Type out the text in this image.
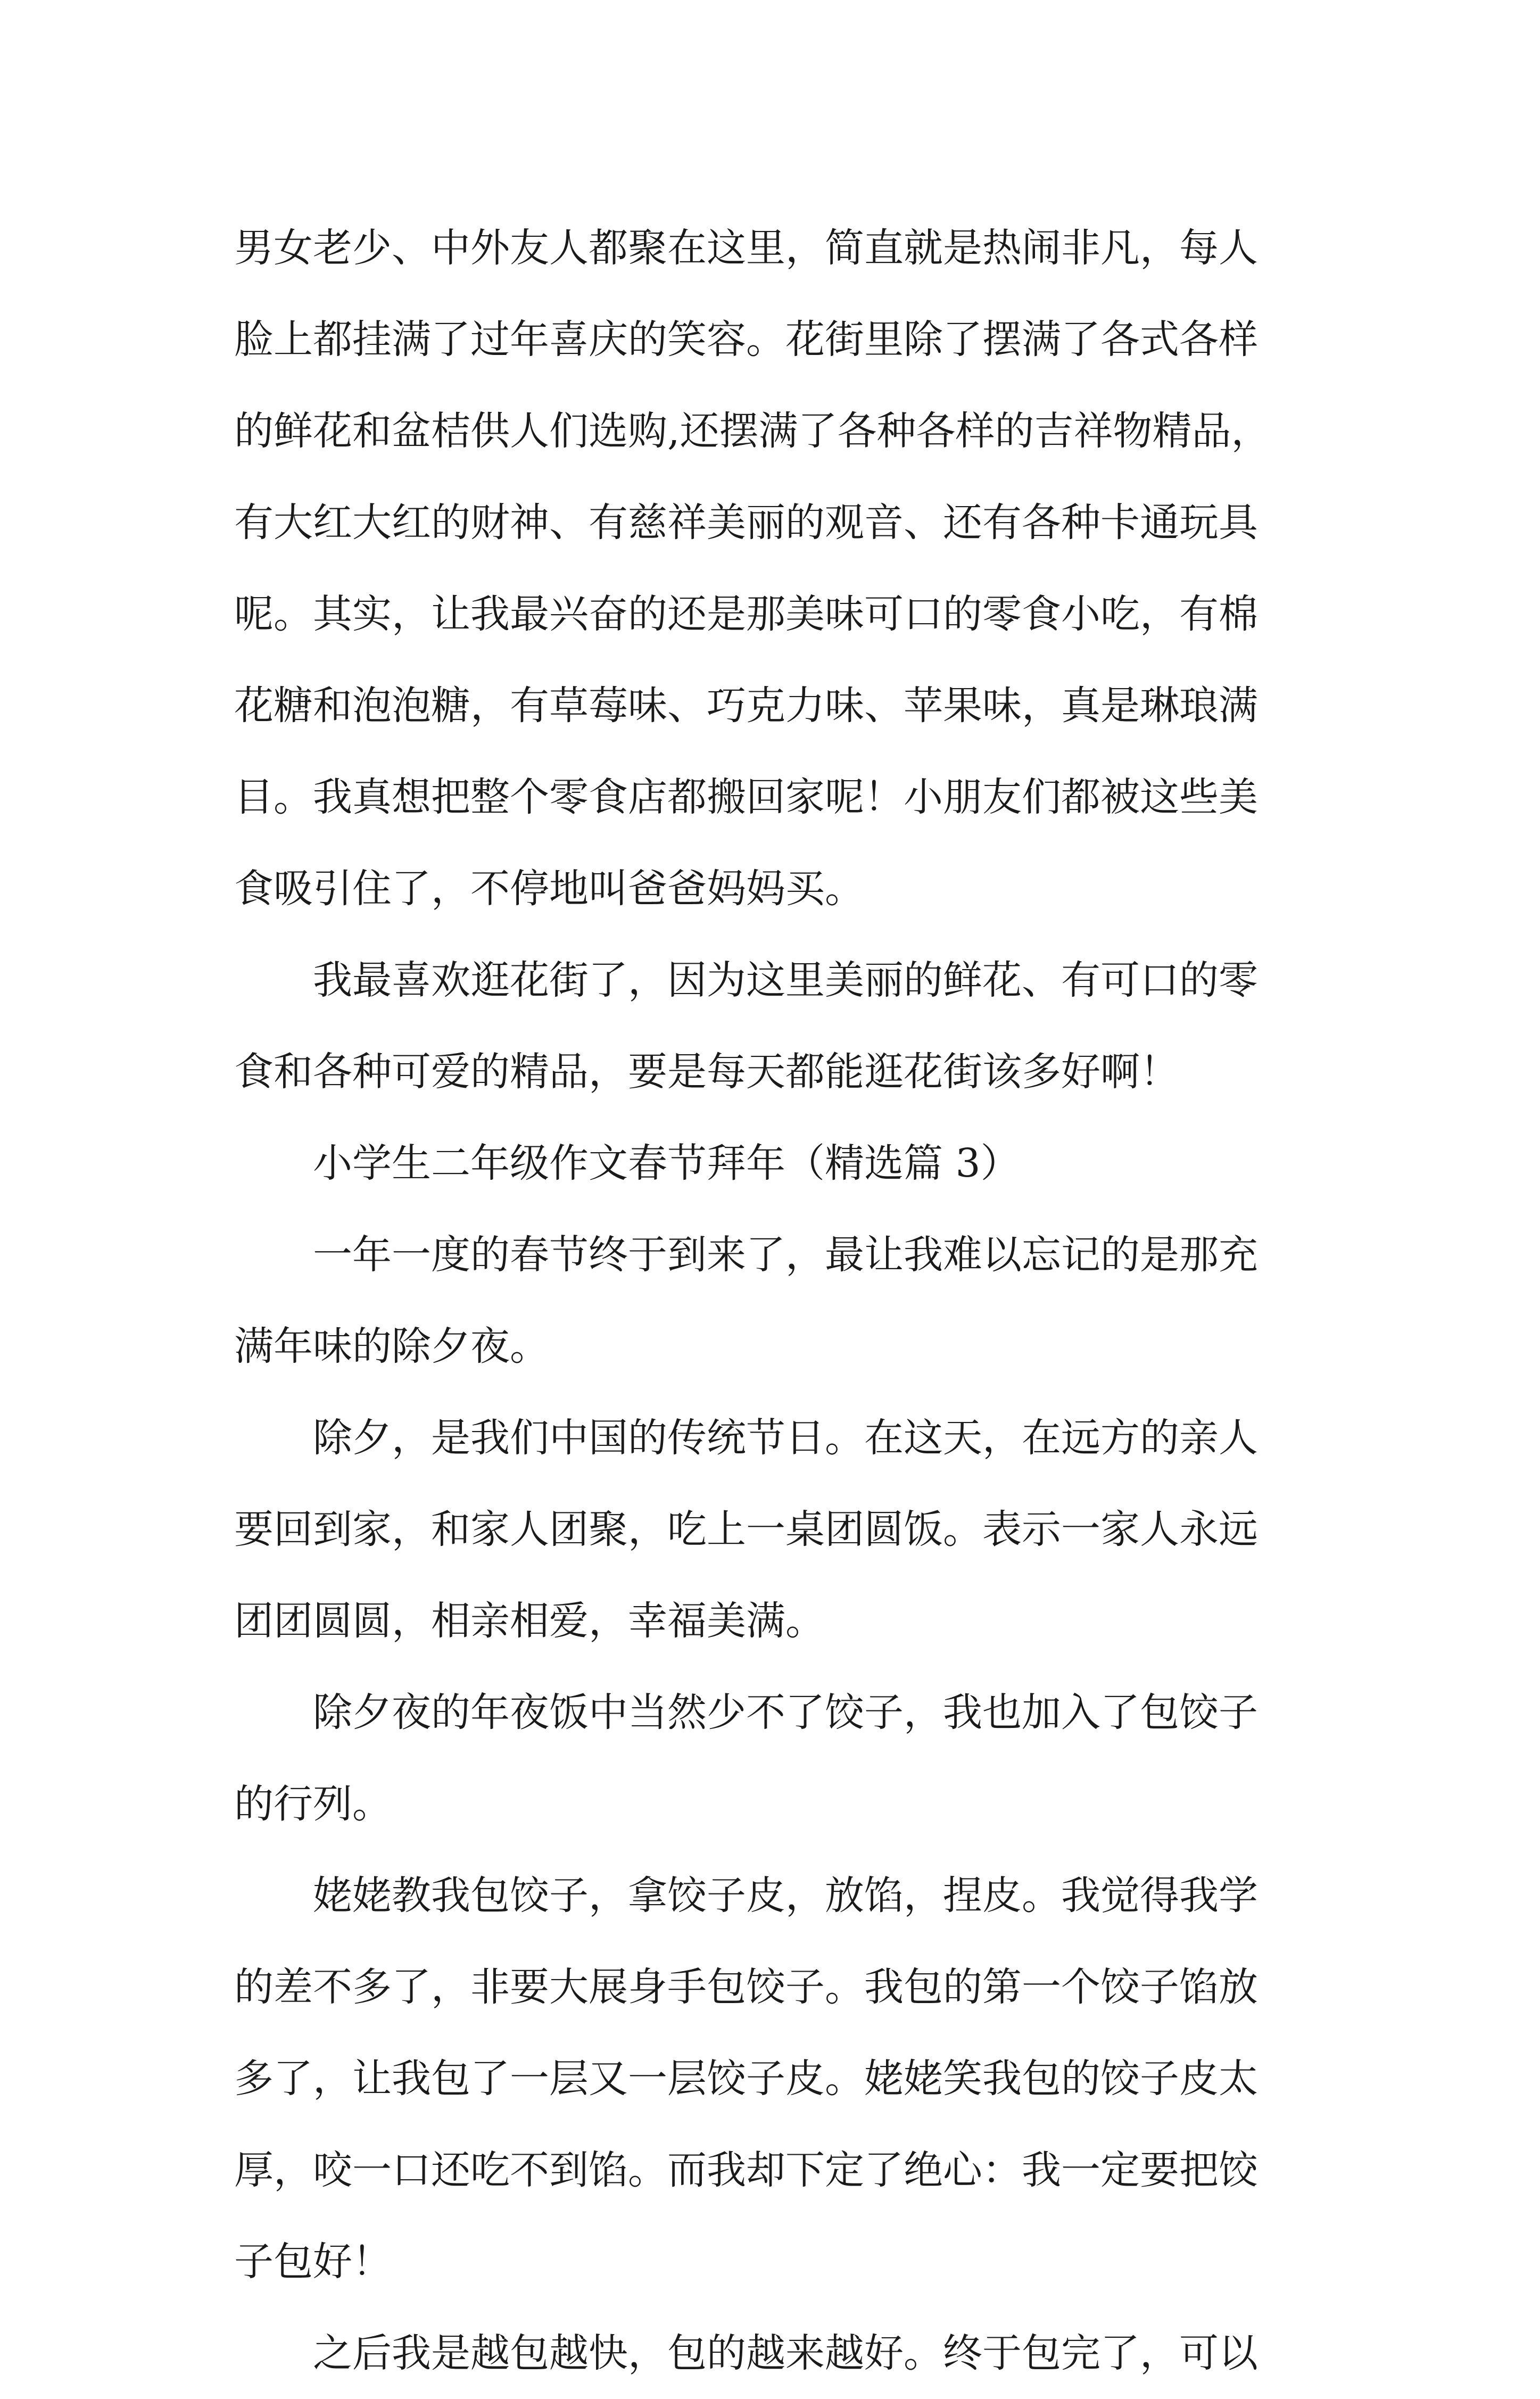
男女老少、中外友人都聚在这里，简直就是热闹非凡，每人
脸上都挂满了过年喜庆的笑容。花街里除了摆满了各式各样
的鲜花和盆桔供人们选购,还摆满了各种各样的吉祥物精品，
有大红大红的财神、有慈祥美丽的观音、还有各种卡通玩具
呢。其实，让我最兴奋的还是那美味可口的零食小吃，有棉
花糖和泡泡糖，有草莓味、巧克力味、苹果味，真是琳琅满
目。我真想把整个零食店都搬回家呢！小朋友们都被这些美
食吸引住了，不停地叫爸爸妈妈买。
我最喜欢逛花街了，因为这里美丽的鲜花、有可口的零
食和各种可爱的精品，要是每天都能逛花街该多好啊！
小学生二年级作文春节拜年（精选篇 3）
一年一度的春节终于到来了，最让我难以忘记的是那充
满年味的除夕夜。
除夕，是我们中国的传统节日。在这天，在远方的亲人
要回到家，和家人团聚，吃上一桌团圆饭。表示一家人永远
团团圆圆，相亲相爱，幸福美满。
除夕夜的年夜饭中当然少不了饺子，我也加入了包饺子
的行列。
姥姥教我包饺子，拿饺子皮，放馅，捏皮。我觉得我学
的差不多了，非要大展身手包饺子。我包的第一个饺子馅放
多了，让我包了一层又一层饺子皮。姥姥笑我包的饺子皮太
厚，咬一口还吃不到馅。而我却下定了绝心：我一定要把饺
子包好！
之后我是越包越快，包的越来越好。终于包完了，可以
